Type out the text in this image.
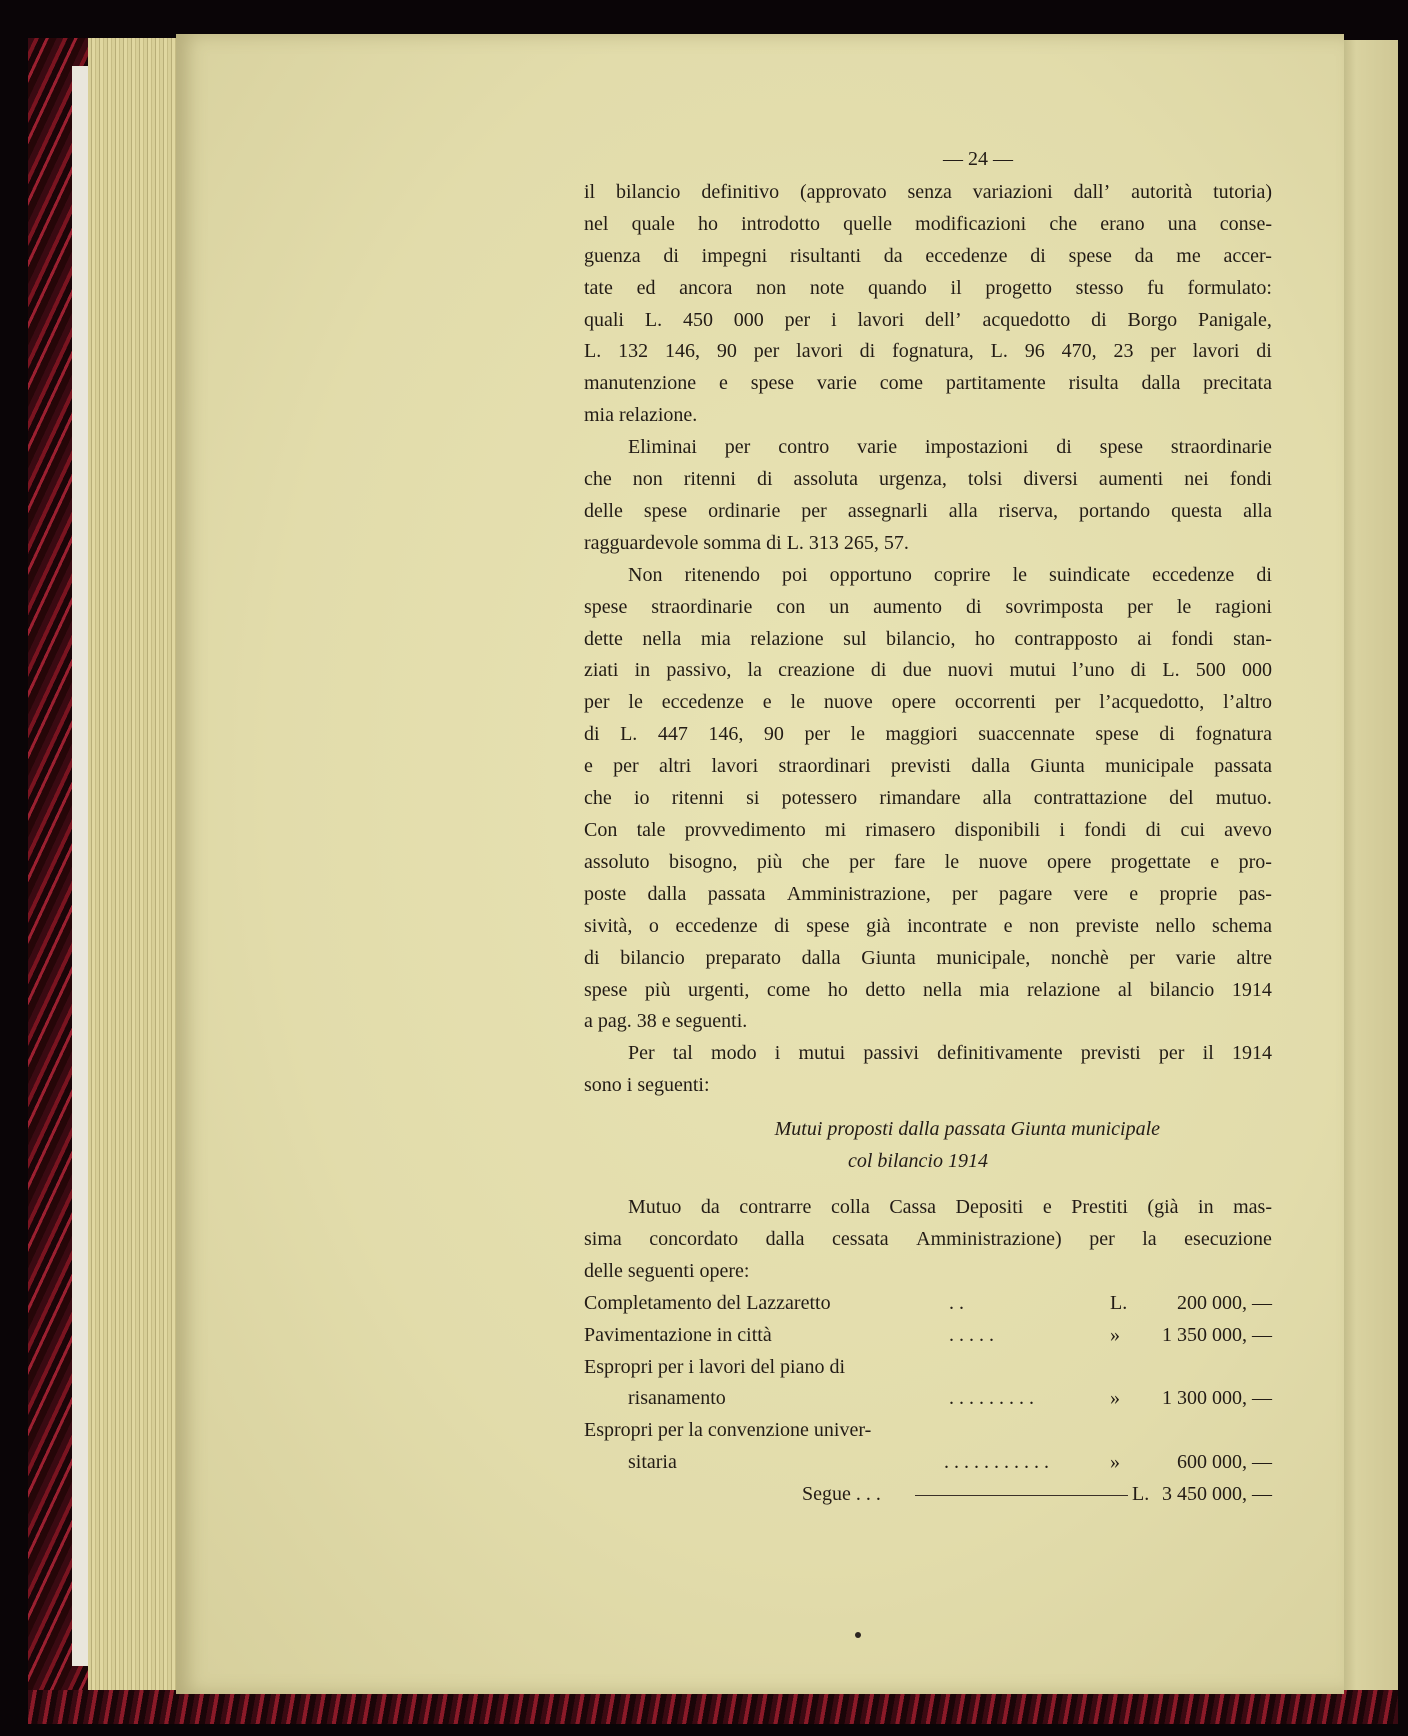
— 24 —
il bilancio definitivo (approvato senza variazioni dall’ autorità tutoria)
nel quale ho introdotto quelle modificazioni che erano una conse-
guenza di impegni risultanti da eccedenze di spese da me accer-
tate ed ancora non note quando il progetto stesso fu formulato:
quali L. 450 000 per i lavori dell’ acquedotto di Borgo Panigale,
L. 132 146, 90 per lavori di fognatura, L. 96 470, 23 per lavori di
manutenzione e spese varie come partitamente risulta dalla precitata
mia relazione.
Eliminai per contro varie impostazioni di spese straordinarie
che non ritenni di assoluta urgenza, tolsi diversi aumenti nei fondi
delle spese ordinarie per assegnarli alla riserva, portando questa alla
ragguardevole somma di L. 313 265, 57.
Non ritenendo poi opportuno coprire le suindicate eccedenze di
spese straordinarie con un aumento di sovrimposta per le ragioni
dette nella mia relazione sul bilancio, ho contrapposto ai fondi stan-
ziati in passivo, la creazione di due nuovi mutui l’uno di L. 500 000
per le eccedenze e le nuove opere occorrenti per l’acquedotto, l’altro
di L. 447 146, 90 per le maggiori suaccennate spese di fognatura
e per altri lavori straordinari previsti dalla Giunta municipale passata
che io ritenni si potessero rimandare alla contrattazione del mutuo.
Con tale provvedimento mi rimasero disponibili i fondi di cui avevo
assoluto bisogno, più che per fare le nuove opere progettate e pro-
poste dalla passata Amministrazione, per pagare vere e proprie pas-
sività, o eccedenze di spese già incontrate e non previste nello schema
di bilancio preparato dalla Giunta municipale, nonchè per varie altre
spese più urgenti, come ho detto nella mia relazione al bilancio 1914
a pag. 38 e seguenti.
Per tal modo i mutui passivi definitivamente previsti per il 1914
sono i seguenti:
Mutui proposti dalla passata Giunta municipale
col bilancio 1914
Mutuo da contrarre colla Cassa Depositi e Prestiti (già in mas-
sima concordato dalla cessata Amministrazione) per la esecuzione
delle seguenti opere:
Completamento del Lazzaretto	. .	L.	200 000, —
Pavimentazione in città	. . . . .	»	1 350 000, —
Espropri per i lavori del piano di
risanamento	. . . . . . . . .	»	1 300 000, —
Espropri per la convenzione univer-
sitaria	. . . . . . . . . . .	»	600 000, —
Segue . . .	L. 3 450 000, —
